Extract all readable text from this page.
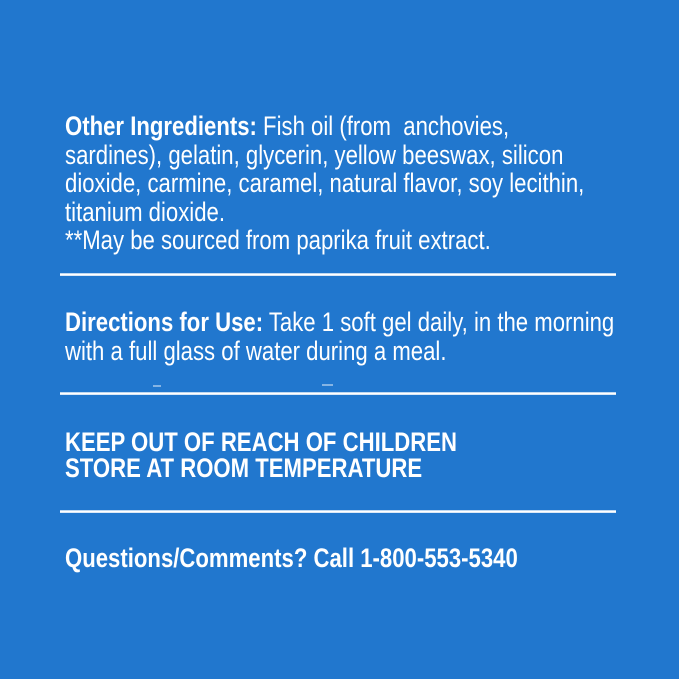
Other Ingredients: Fish oil (from  anchovies,
sardines), gelatin, glycerin, yellow beeswax, silicon
dioxide, carmine, caramel, natural flavor, soy lecithin,
titanium dioxide.
**May be sourced from paprika fruit extract.
Directions for Use: Take 1 soft gel daily, in the morning
with a full glass of water during a meal.
KEEP OUT OF REACH OF CHILDREN
STORE AT ROOM TEMPERATURE
Questions/Comments? Call 1-800-553-5340
